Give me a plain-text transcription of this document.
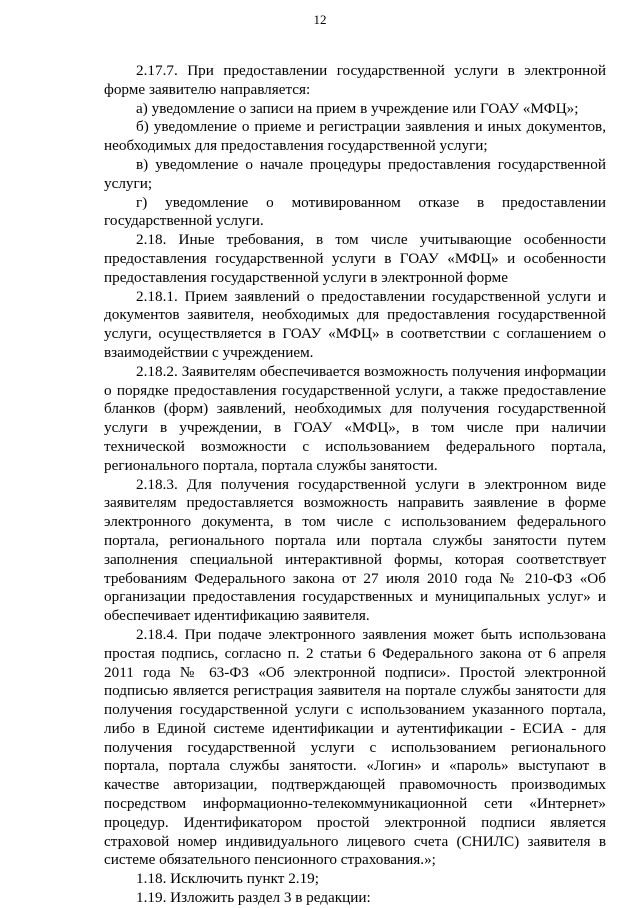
12

2.17.7. При предоставлении государственной услуги в электронной форме заявителю направляется:

а) уведомление о записи на прием в учреждение или ГОАУ «МФЦ»;

б) уведомление о приеме и регистрации заявления и иных документов, необходимых для предоставления государственной услуги;

в) уведомление о начале процедуры предоставления государственной услуги;

г) уведомление о мотивированном отказе в предоставлении государственной услуги.

2.18. Иные требования, в том числе учитывающие особенности предоставления государственной услуги в ГОАУ «МФЦ» и особенности предоставления государственной услуги в электронной форме

2.18.1. Прием заявлений о предоставлении государственной услуги и документов заявителя, необходимых для предоставления государственной услуги, осуществляется в ГОАУ «МФЦ» в соответствии с соглашением о взаимодействии с учреждением.

2.18.2. Заявителям обеспечивается возможность получения информации о порядке предоставления государственной услуги, а также предоставление бланков (форм) заявлений, необходимых для получения государственной услуги в учреждении, в ГОАУ «МФЦ», в том числе при наличии технической возможности с использованием федерального портала, регионального портала, портала службы занятости.

2.18.3. Для получения государственной услуги в электронном виде заявителям предоставляется возможность направить заявление в форме электронного документа, в том числе с использованием федерального портала, регионального портала или портала службы занятости путем заполнения специальной интерактивной формы, которая соответствует требованиям Федерального закона от 27 июля 2010 года № 210-ФЗ «Об организации предоставления государственных и муниципальных услуг» и обеспечивает идентификацию заявителя.

2.18.4. При подаче электронного заявления может быть использована простая подпись, согласно п. 2 статьи 6 Федерального закона от 6 апреля 2011 года № 63-ФЗ «Об электронной подписи». Простой электронной подписью является регистрация заявителя на портале службы занятости для получения государственной услуги с использованием указанного портала, либо в Единой системе идентификации и аутентификации - ЕСИА - для получения государственной услуги с использованием регионального портала, портала службы занятости. «Логин» и «пароль» выступают в качестве авторизации, подтверждающей правомочность производимых посредством информационно-телекоммуникационной сети «Интернет» процедур. Идентификатором простой электронной подписи является страховой номер индивидуального лицевого счета (СНИЛС) заявителя в системе обязательного пенсионного страхования.»;

1.18. Исключить пункт 2.19;

1.19. Изложить раздел 3 в редакции:
